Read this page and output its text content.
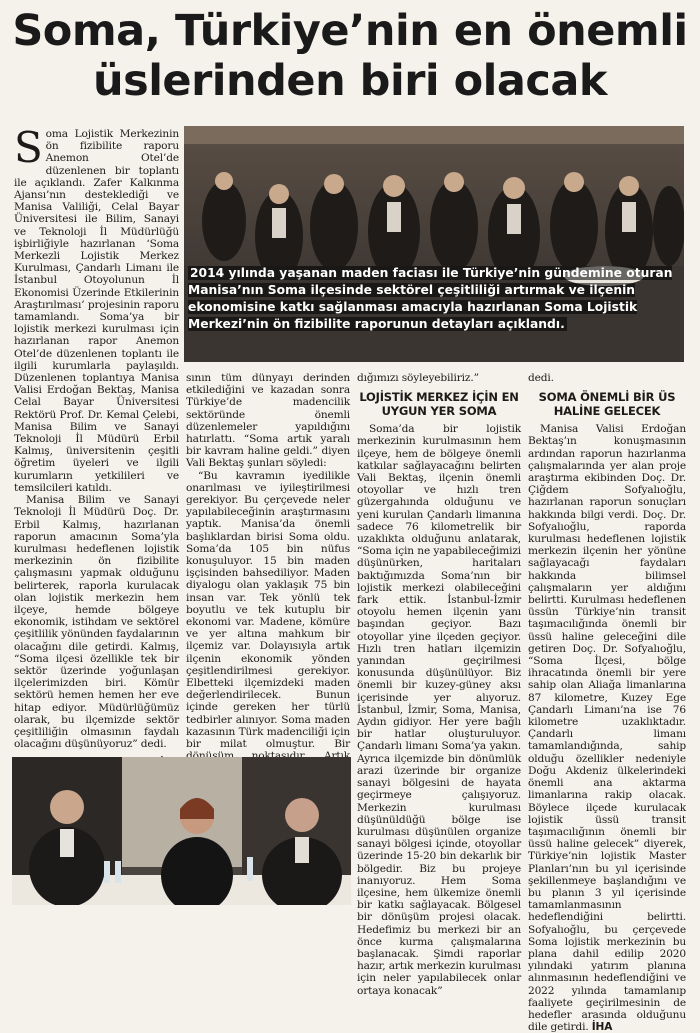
Soma, Türkiye’nin en önemli
üslerinden biri olacak
2014 yılında yaşanan maden faciası ile Türkiye’nin gündemine oturan Manisa’nın Soma ilçesinde sektörel çeşitliliği artırmak ve ilçenin ekonomisine katkı sağlanması amacıyla hazırlanan Soma Lojistik Merkezi’nin ön fizibilite raporunun detayları açıklandı.

Soma Lojistik Merkezinin ön fizibilite raporu Anemon Otel’de düzenlenen bir toplantı ile açıklandı. Zafer Kalkınma Ajansı’nın desteklediği ve Manisa Valiliği, Celal Bayar Üniversitesi ile Bilim, Sanayi ve Teknoloji İl Müdürlüğü işbirliğiyle hazırlanan ‘Soma Merkezli Lojistik Merkez Kurulması, Çandarlı Limanı ile İstanbul Otoyolunun İl Ekonomisi Üzerinde Etkilerinin Araştırılması’ projesinin raporu tamamlandı. Soma’ya bir lojistik merkezi kurulması için hazırlanan rapor Anemon Otel’de düzenlenen toplantı ile ilgili kurumlarla paylaşıldı. Düzenlenen toplantıya Manisa Valisi Erdoğan Bektaş, Manisa Celal Bayar Üniversitesi Rektörü Prof. Dr. Kemal Çelebi, Manisa Bilim ve Sanayi Teknoloji İl Müdürü Erbil Kalmış, üniversitenin çeşitli öğretim üyeleri ve ilgili kurumların yetkilileri ve temsilcileri katıldı.

Manisa Bilim ve Sanayi Teknoloji İl Müdürü Doç. Dr. Erbil Kalmış, hazırlanan raporun amacının Soma’yla kurulması hedeflenen lojistik merkezinin ön fizibilite çalışmasını yapmak olduğunu belirterek, raporla kurulacak olan lojistik merkezin hem ilçeye, hemde bölgeye ekonomik, istihdam ve sektörel çeşitlilik yönünden faydalarının olacağını dile getirdi. Kalmış, “Soma ilçesi özellikle tek bir sektör üzerinde yoğunlaşan ilçelerimizden biri. Kömür sektörü hemen hemen her eve hitap ediyor. Müdürlüğümüz olarak, bu ilçemizde sektör çeşitliliğin olmasının faydalı olacağını düşünüyoruz” dedi.

sının tüm dünyayı derinden etkilediğini ve kazadan sonra Türkiye’de madencilik sektöründe önemli düzenlemeler yapıldığını hatırlattı. “Soma artık yaralı bir kavram haline geldi.” diyen Vali Bektaş şunları söyledi:

“Bu kavramın iyedilikle onarılması ve iyileştirilmesi gerekiyor. Bu çerçevede neler yapılabileceğinin araştırmasını yaptık. Manisa’da önemli başlıklardan birisi Soma oldu. Soma’da 105 bin nüfus konuşuluyor. 15 bin maden işçisinden bahsediliyor. Maden diyalogu olan yaklaşık 75 bin insan var. Tek yönlü tek boyutlu ve tek kutuplu bir ekonomi var. Madene, kömüre ve yer altına mahkum bir ilçemiz var. Dolayısıyla artık ilçenin ekonomik yönden çeşitlendirilmesi gerekiyor. Elbetteki ilçemizdeki maden değerlendirilecek. Bunun içinde gereken her türlü tedbirler alınıyor. Soma maden kazasının Türk madenciliği için bir milat olmuştur. Bir

dığımızı söyleyebiliriz.”

LOJİSTİK MERKEZ İÇİN EN UYGUN YER SOMA

Soma’da bir lojistik merkezinin kurulmasının hem ilçeye, hem de bölgeye önemli katkılar sağlayacağını belirten Vali Bektaş, ilçenin önemli otoyollar ve hızlı tren güzergahında olduğunu ve yeni kurulan Çandarlı limanına sadece 76 kilometrelik bir uzaklıkta olduğunu anlatarak, “Soma için ne yapabileceğimizi düşünürken, haritaları baktığımızda Soma’nın bir lojistik merkezi olabileceğini fark ettik. İstanbul-İzmir otoyolu hemen ilçenin yanı başından geçiyor. Bazı otoyollar yine ilçeden geçiyor. Hızlı tren hatları ilçemizin yanından geçirilmesi konusunda düşünülüyor. Biz önemli bir kuzey-güney aksı içerisinde yer alıyoruz. İstanbul, İzmir, Soma, Manisa, Aydın gidiyor. Her yere bağlı bir hatlar oluşturuluyor. Çandarlı limanı Soma’ya yakın. Ayrıca ilçemizde bin dönümlük arazi üzerinde bir organize sanayi bölgesini de hayata geçirmeye çalışıyoruz. Merkezin kurulması düşünüldüğü bölge ise kurulması düşünülen organize sanayi bölgesi içinde, otoyollar üzerinde 15-20 bin dekarlık bir bölgedir. Biz bu projeye inanıyoruz. Hem Soma ilçesine, hem ülkemize önemli bir katkı sağlayacak. Bölgesel bir dönüşüm projesi olacak. Hedefimiz bu merkezi bir an önce kurma çalışmalarına başlanacak. Şimdi raporlar hazır, artık merkezin kurulması için neler yapılabilecek onlar ortaya konacak”

dedi.

SOMA ÖNEMLİ BİR ÜS HALİNE GELECEK

Manisa Valisi Erdoğan Bektaş’ın konuşmasının ardından raporun hazırlanma çalışmalarında yer alan proje araştırma ekibinden Doç. Dr. Çiğdem Sofyalıoğlu, hazırlanan raporun sonuçları hakkında bilgi verdi. Doç. Dr. Sofyalıoğlu, raporda kurulması hedeflenen lojistik merkezin ilçenin her yönüne sağlayacağı faydaları hakkında bilimsel çalışmaların yer aldığını belirtti. Kurulması hedeflenen üssün Türkiye’nin transit taşımacılığında önemli bir üssü haline geleceğini dile getiren Doç. Dr. Sofyalıoğlu, “Soma İlçesi, bölge ihracatında önemli bir yere sahip olan Aliağa limanlarına 87 kilometre, Kuzey Ege Çandarlı Limanı’na ise 76 kilometre uzaklıktadır. Çandarlı limanı tamamlandığında, sahip olduğu özellikler nedeniyle Doğu Akdeniz ülkelerindeki önemli ana aktarma limanlarına rakip olacak. Böylece ilçede kurulacak lojistik üssü transit taşımacılığının önemli bir üssü haline gelecek” diyerek, Türkiye’nin lojistik Master Planları’nın bu yıl içerisinde şekillenmeye başlandığını ve bu planın 3 yıl içerisinde tamamlanmasının hedeflendiğini belirtti. Sofyalıoğlu, bu çerçevede Soma lojistik merkezinin bu plana dahil edilip 2020 yılındaki yatırım planına alınmasının hedeflendiğini ve 2022 yılında tamamlanıp faaliyete geçirilmesinin de hedefler arasında olduğunu dile getirdi. İHA
